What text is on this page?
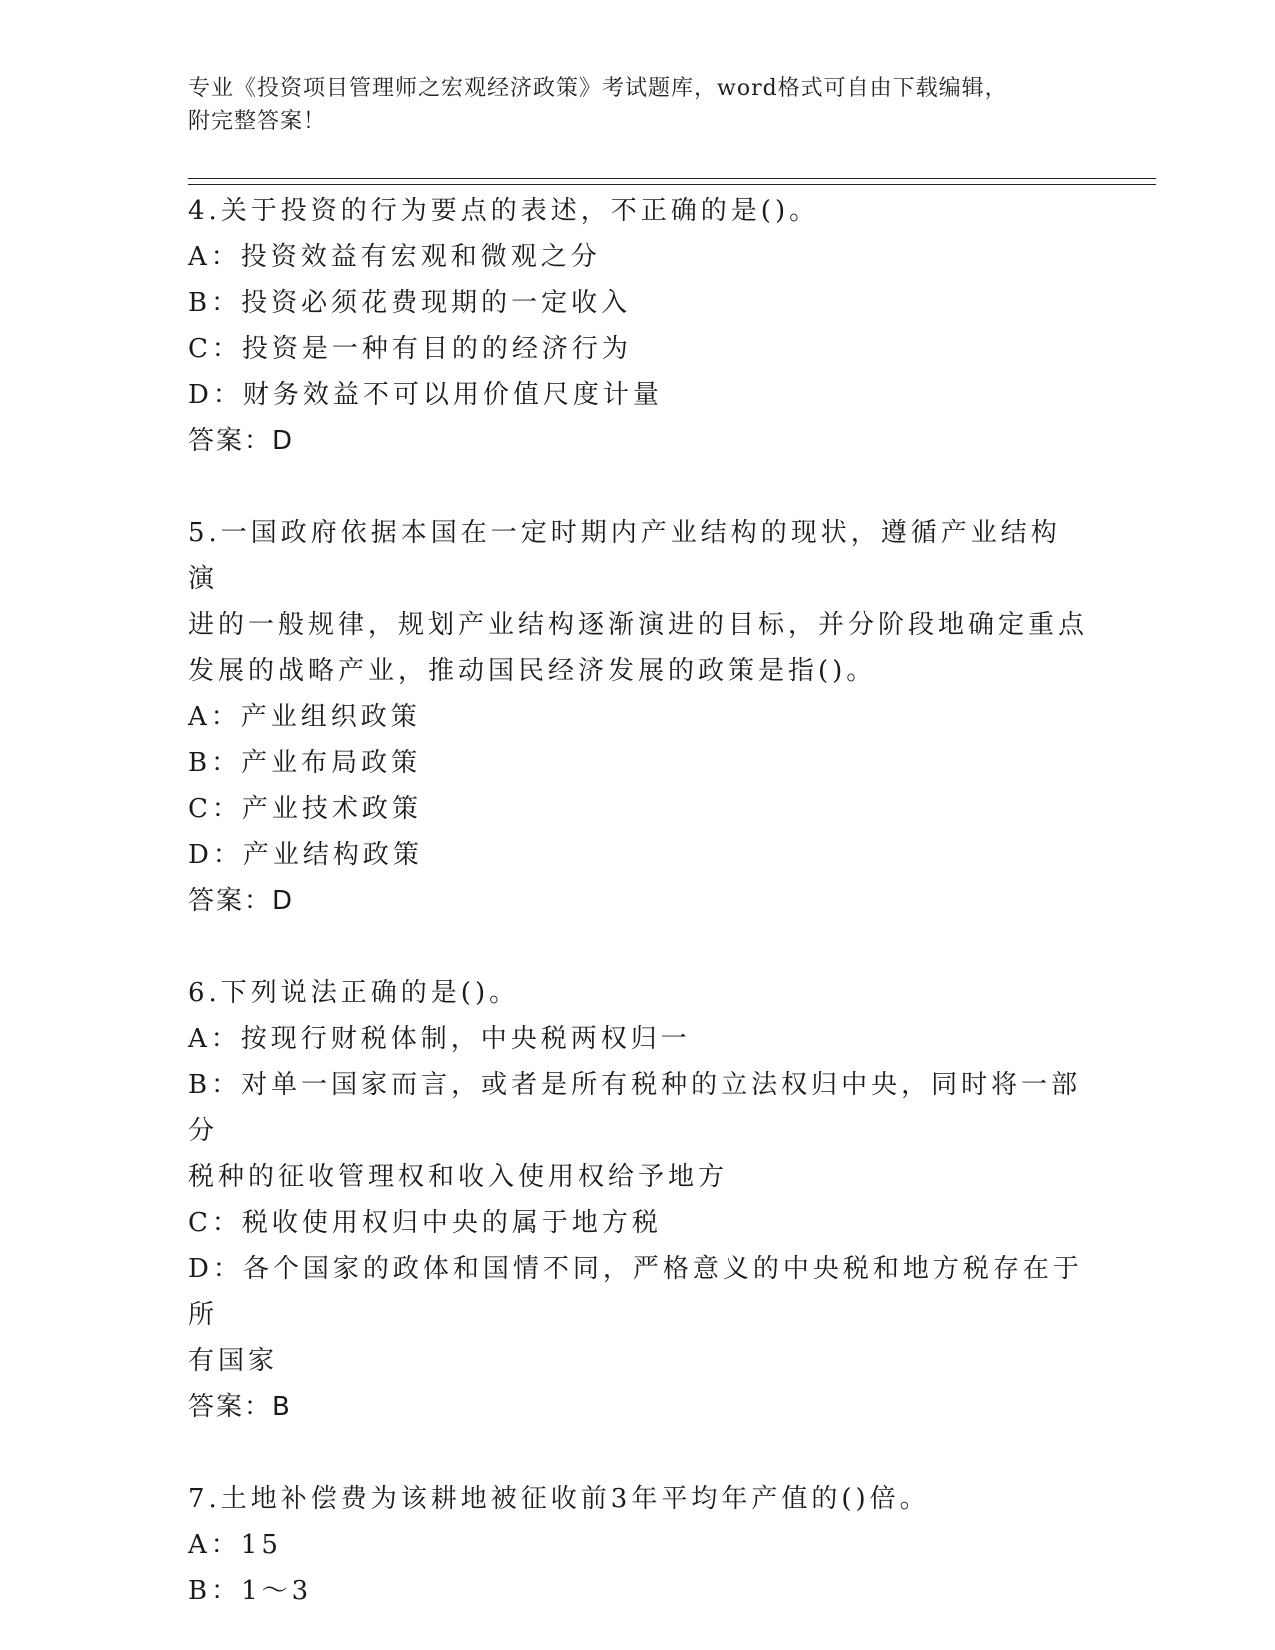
专业《投资项目管理师之宏观经济政策》考试题库，word格式可自由下载编辑，
附完整答案！
4.关于投资的行为要点的表述，不正确的是()。
A：投资效益有宏观和微观之分
B：投资必须花费现期的一定收入
C：投资是一种有目的的经济行为
D：财务效益不可以用价值尺度计量
答案：D
5.一国政府依据本国在一定时期内产业结构的现状，遵循产业结构演
进的一般规律，规划产业结构逐渐演进的目标，并分阶段地确定重点
发展的战略产业，推动国民经济发展的政策是指()。
A：产业组织政策
B：产业布局政策
C：产业技术政策
D：产业结构政策
答案：D
6.下列说法正确的是()。
A：按现行财税体制，中央税两权归一
B：对单一国家而言，或者是所有税种的立法权归中央，同时将一部分
税种的征收管理权和收入使用权给予地方
C：税收使用权归中央的属于地方税
D：各个国家的政体和国情不同，严格意义的中央税和地方税存在于所
有国家
答案：B
7.土地补偿费为该耕地被征收前3年平均年产值的()倍。
A：15
B：1～3
